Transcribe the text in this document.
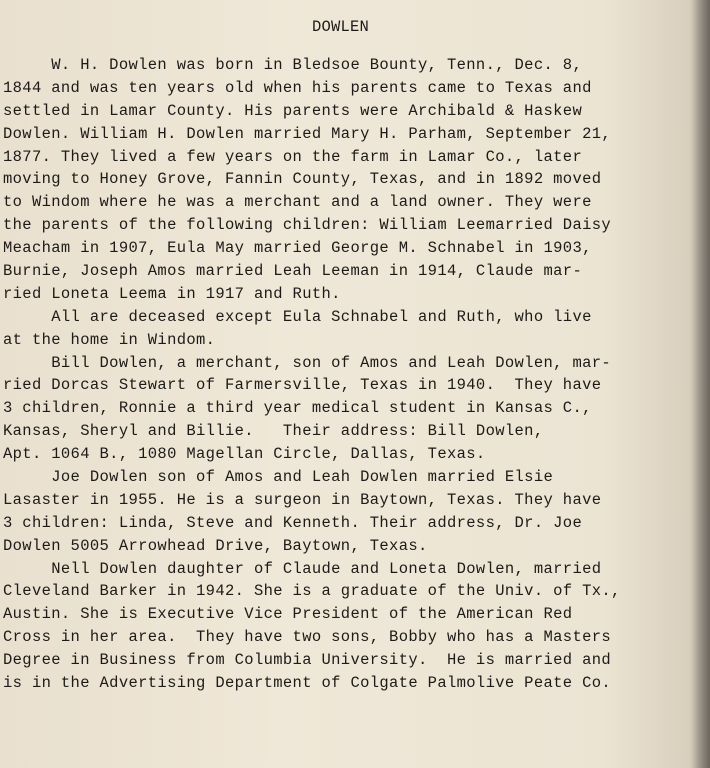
DOWLEN
W. H. Dowlen was born in Bledsoe Bounty, Tenn., Dec. 8,
1844 and was ten years old when his parents came to Texas and
settled in Lamar County. His parents were Archibald & Haskew
Dowlen. William H. Dowlen married Mary H. Parham, September 21,
1877. They lived a few years on the farm in Lamar Co., later
moving to Honey Grove, Fannin County, Texas, and in 1892 moved
to Windom where he was a merchant and a land owner. They were
the parents of the following children: William Leemarried Daisy
Meacham in 1907, Eula May married George M. Schnabel in 1903,
Burnie, Joseph Amos married Leah Leeman in 1914, Claude mar-
ried Loneta Leema in 1917 and Ruth.
All are deceased except Eula Schnabel and Ruth, who live
at the home in Windom.
Bill Dowlen, a merchant, son of Amos and Leah Dowlen, mar-
ried Dorcas Stewart of Farmersville, Texas in 1940.  They have
3 children, Ronnie a third year medical student in Kansas C.,
Kansas, Sheryl and Billie.   Their address: Bill Dowlen,
Apt. 1064 B., 1080 Magellan Circle, Dallas, Texas.
Joe Dowlen son of Amos and Leah Dowlen married Elsie
Lasaster in 1955. He is a surgeon in Baytown, Texas. They have
3 children: Linda, Steve and Kenneth. Their address, Dr. Joe
Dowlen 5005 Arrowhead Drive, Baytown, Texas.
Nell Dowlen daughter of Claude and Loneta Dowlen, married
Cleveland Barker in 1942. She is a graduate of the Univ. of Tx.,
Austin. She is Executive Vice President of the American Red
Cross in her area.  They have two sons, Bobby who has a Masters
Degree in Business from Columbia University.  He is married and
is in the Advertising Department of Colgate Palmolive Peate Co.
